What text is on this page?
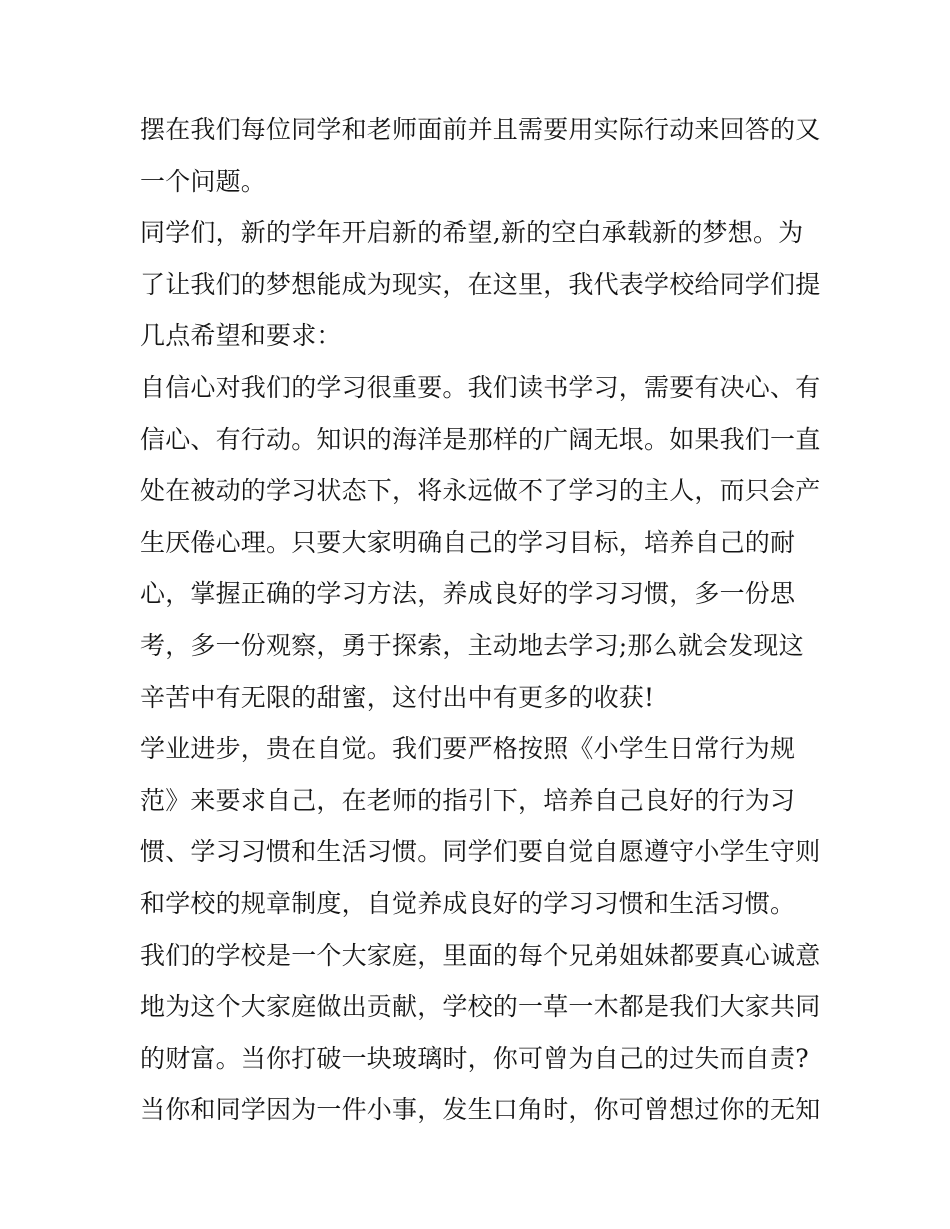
摆在我们每位同学和老师面前并且需要用实际行动来回答的又
一个问题。
同学们，新的学年开启新的希望,新的空白承载新的梦想。为
了让我们的梦想能成为现实，在这里，我代表学校给同学们提
几点希望和要求：
自信心对我们的学习很重要。我们读书学习，需要有决心、有
信心、有行动。知识的海洋是那样的广阔无垠。如果我们一直
处在被动的学习状态下，将永远做不了学习的主人，而只会产
生厌倦心理。只要大家明确自己的学习目标，培养自己的耐
心，掌握正确的学习方法，养成良好的学习习惯，多一份思
考，多一份观察，勇于探索，主动地去学习;那么就会发现这
辛苦中有无限的甜蜜，这付出中有更多的收获!
学业进步，贵在自觉。我们要严格按照《小学生日常行为规
范》来要求自己，在老师的指引下，培养自己良好的行为习
惯、学习习惯和生活习惯。同学们要自觉自愿遵守小学生守则
和学校的规章制度，自觉养成良好的学习习惯和生活习惯。
我们的学校是一个大家庭，里面的每个兄弟姐妹都要真心诚意
地为这个大家庭做出贡献，学校的一草一木都是我们大家共同
的财富。当你打破一块玻璃时，你可曾为自己的过失而自责?
当你和同学因为一件小事，发生口角时，你可曾想过你的无知
